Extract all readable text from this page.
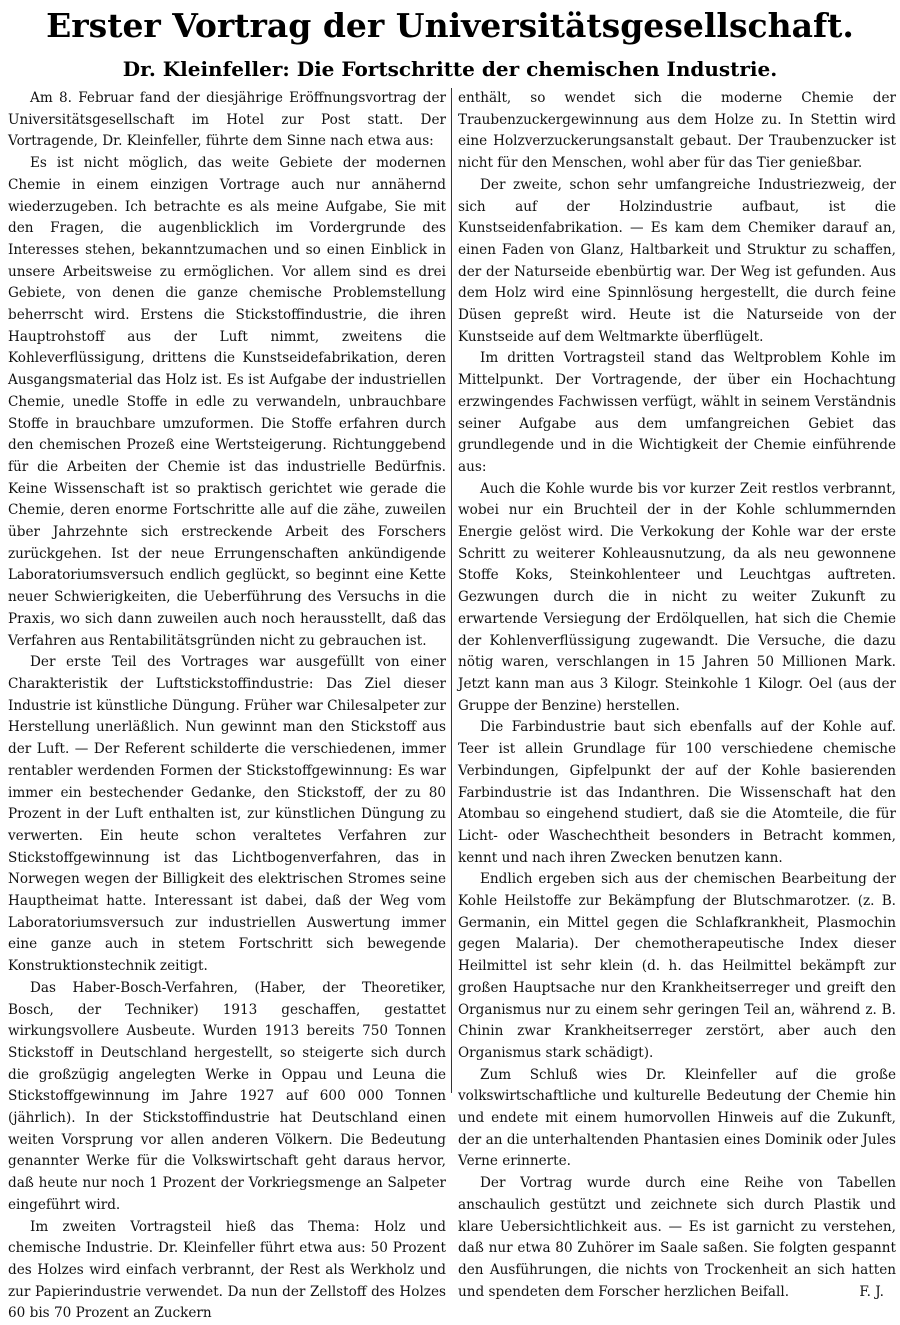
Erster Vortrag der Universitätsgesellschaft.
Dr. Kleinfeller: Die Fortschritte der chemischen Industrie.

Am 8. Februar fand der diesjährige Eröffnungsvortrag der Universitätsgesellschaft im Hotel zur Post statt. Der Vortragende, Dr. Kleinfeller, führte dem Sinne nach etwa aus:

Es ist nicht möglich, das weite Gebiete der modernen Chemie in einem einzigen Vortrage auch nur annähernd wiederzugeben. Ich betrachte es als meine Aufgabe, Sie mit den Fragen, die augenblicklich im Vordergrunde des Interesses stehen, bekanntzumachen und so einen Einblick in unsere Arbeitsweise zu ermöglichen. Vor allem sind es drei Gebiete, von denen die ganze chemische Problemstellung beherrscht wird. Erstens die Stickstoffindustrie, die ihren Hauptrohstoff aus der Luft nimmt, zweitens die Kohleverflüssigung, drittens die Kunstseidefabrikation, deren Ausgangsmaterial das Holz ist. Es ist Aufgabe der industriellen Chemie, unedle Stoffe in edle zu verwandeln, unbrauchbare Stoffe in brauchbare umzuformen. Die Stoffe erfahren durch den chemischen Prozeß eine Wertsteigerung. Richtunggebend für die Arbeiten der Chemie ist das industrielle Bedürfnis. Keine Wissenschaft ist so praktisch gerichtet wie gerade die Chemie, deren enorme Fortschritte alle auf die zähe, zuweilen über Jahrzehnte sich erstreckende Arbeit des Forschers zurückgehen. Ist der neue Errungenschaften ankündigende Laboratoriumsversuch endlich geglückt, so beginnt eine Kette neuer Schwierigkeiten, die Ueberführung des Versuchs in die Praxis, wo sich dann zuweilen auch noch herausstellt, daß das Verfahren aus Rentabilitätsgründen nicht zu gebrauchen ist.

Der erste Teil des Vortrages war ausgefüllt von einer Charakteristik der Luftstickstoffindustrie: Das Ziel dieser Industrie ist künstliche Düngung. Früher war Chilesalpeter zur Herstellung unerläßlich. Nun gewinnt man den Stickstoff aus der Luft. — Der Referent schilderte die verschiedenen, immer rentabler werdenden Formen der Stickstoffgewinnung: Es war immer ein bestechender Gedanke, den Stickstoff, der zu 80 Prozent in der Luft enthalten ist, zur künstlichen Düngung zu verwerten. Ein heute schon veraltetes Verfahren zur Stickstoffgewinnung ist das Lichtbogenverfahren, das in Norwegen wegen der Billigkeit des elektrischen Stromes seine Hauptheimat hatte. Interessant ist dabei, daß der Weg vom Laboratoriumsversuch zur industriellen Auswertung immer eine ganze auch in stetem Fortschritt sich bewegende Konstruktionstechnik zeitigt.

Das Haber-Bosch-Verfahren, (Haber, der Theoretiker, Bosch, der Techniker) 1913 geschaffen, gestattet wirkungsvollere Ausbeute. Wurden 1913 bereits 750 Tonnen Stickstoff in Deutschland hergestellt, so steigerte sich durch die großzügig angelegten Werke in Oppau und Leuna die Stickstoffgewinnung im Jahre 1927 auf 600 000 Tonnen (jährlich). In der Stickstoffindustrie hat Deutschland einen weiten Vorsprung vor allen anderen Völkern. Die Bedeutung genannter Werke für die Volkswirtschaft geht daraus hervor, daß heute nur noch 1 Prozent der Vorkriegsmenge an Salpeter eingeführt wird.

Im zweiten Vortragsteil hieß das Thema: Holz und chemische Industrie. Dr. Kleinfeller führt etwa aus: 50 Prozent des Holzes wird einfach verbrannt, der Rest als Werkholz und zur Papierindustrie verwendet. Da nun der Zellstoff des Holzes 60 bis 70 Prozent an Zuckern

enthält, so wendet sich die moderne Chemie der Traubenzuckergewinnung aus dem Holze zu. In Stettin wird eine Holzverzuckerungsanstalt gebaut. Der Traubenzucker ist nicht für den Menschen, wohl aber für das Tier genießbar.

Der zweite, schon sehr umfangreiche Industriezweig, der sich auf der Holzindustrie aufbaut, ist die Kunstseidenfabrikation. — Es kam dem Chemiker darauf an, einen Faden von Glanz, Haltbarkeit und Struktur zu schaffen, der der Naturseide ebenbürtig war. Der Weg ist gefunden. Aus dem Holz wird eine Spinnlösung hergestellt, die durch feine Düsen gepreßt wird. Heute ist die Naturseide von der Kunstseide auf dem Weltmarkte überflügelt.

Im dritten Vortragsteil stand das Weltproblem Kohle im Mittelpunkt. Der Vortragende, der über ein Hochachtung erzwingendes Fachwissen verfügt, wählt in seinem Verständnis seiner Aufgabe aus dem umfangreichen Gebiet das grundlegende und in die Wichtigkeit der Chemie einführende aus:

Auch die Kohle wurde bis vor kurzer Zeit restlos verbrannt, wobei nur ein Bruchteil der in der Kohle schlummernden Energie gelöst wird. Die Verkokung der Kohle war der erste Schritt zu weiterer Kohleausnutzung, da als neu gewonnene Stoffe Koks, Steinkohlenteer und Leuchtgas auftreten. Gezwungen durch die in nicht zu weiter Zukunft zu erwartende Versiegung der Erdölquellen, hat sich die Chemie der Kohlenverflüssigung zugewandt. Die Versuche, die dazu nötig waren, verschlangen in 15 Jahren 50 Millionen Mark. Jetzt kann man aus 3 Kilogr. Steinkohle 1 Kilogr. Oel (aus der Gruppe der Benzine) herstellen.

Die Farbindustrie baut sich ebenfalls auf der Kohle auf. Teer ist allein Grundlage für 100 verschiedene chemische Verbindungen, Gipfelpunkt der auf der Kohle basierenden Farbindustrie ist das Indanthren. Die Wissenschaft hat den Atombau so eingehend studiert, daß sie die Atomteile, die für Licht- oder Waschechtheit besonders in Betracht kommen, kennt und nach ihren Zwecken benutzen kann.

Endlich ergeben sich aus der chemischen Bearbeitung der Kohle Heilstoffe zur Bekämpfung der Blutschmarotzer. (z. B. Germanin, ein Mittel gegen die Schlafkrankheit, Plasmochin gegen Malaria). Der chemotherapeutische Index dieser Heilmittel ist sehr klein (d. h. das Heilmittel bekämpft zur großen Hauptsache nur den Krankheitserreger und greift den Organismus nur zu einem sehr geringen Teil an, während z. B. Chinin zwar Krankheitserreger zerstört, aber auch den Organismus stark schädigt).

Zum Schluß wies Dr. Kleinfeller auf die große volkswirtschaftliche und kulturelle Bedeutung der Chemie hin und endete mit einem humorvollen Hinweis auf die Zukunft, der an die unterhaltenden Phantasien eines Dominik oder Jules Verne erinnerte.

Der Vortrag wurde durch eine Reihe von Tabellen anschaulich gestützt und zeichnete sich durch Plastik und klare Uebersichtlichkeit aus. — Es ist garnicht zu verstehen, daß nur etwa 80 Zuhörer im Saale saßen. Sie folgten gespannt den Ausführungen, die nichts von Trockenheit an sich hatten und spendeten dem Forscher herzlichen Beifall.	F. J.
